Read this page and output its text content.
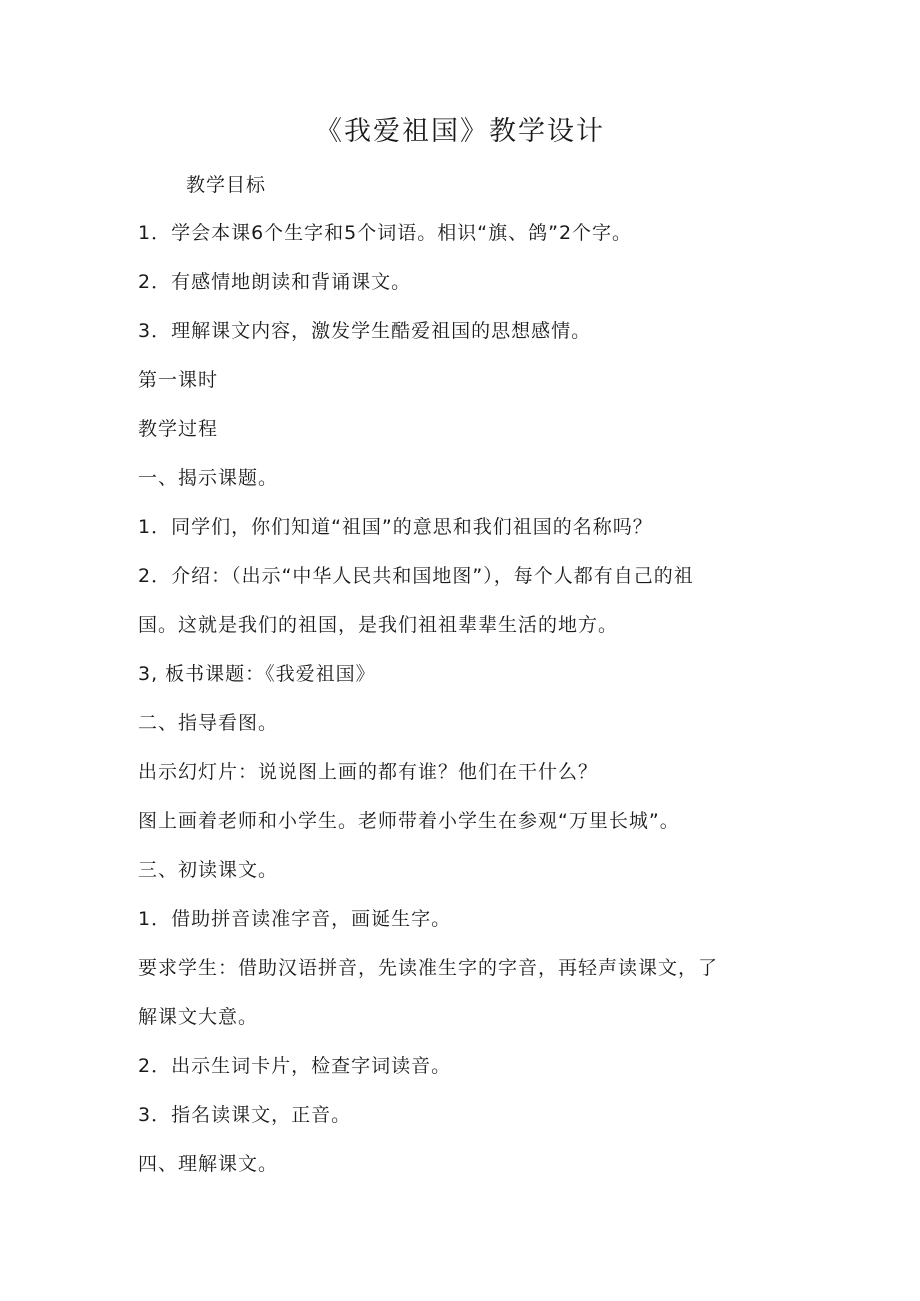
《我爱祖国》教学设计
教学目标
1．学会本课6个生字和5个词语。相识“旗、鸽”2个字。
2．有感情地朗读和背诵课文。
3．理解课文内容，激发学生酷爱祖国的思想感情。
第一课时
教学过程
一、揭示课题。
1．同学们，你们知道“祖国”的意思和我们祖国的名称吗？
2．介绍：（出示“中华人民共和国地图”），每个人都有自己的祖
国。这就是我们的祖国，是我们祖祖辈辈生活的地方。
3, 板书课题：《我爱祖国》
二、指导看图。
出示幻灯片：说说图上画的都有谁？他们在干什么？
图上画着老师和小学生。老师带着小学生在参观“万里长城”。
三、初读课文。
1．借助拼音读准字音，画诞生字。
要求学生：借助汉语拼音，先读准生字的字音，再轻声读课文，了
解课文大意。
2．出示生词卡片，检查字词读音。
3．指名读课文，正音。
四、理解课文。
